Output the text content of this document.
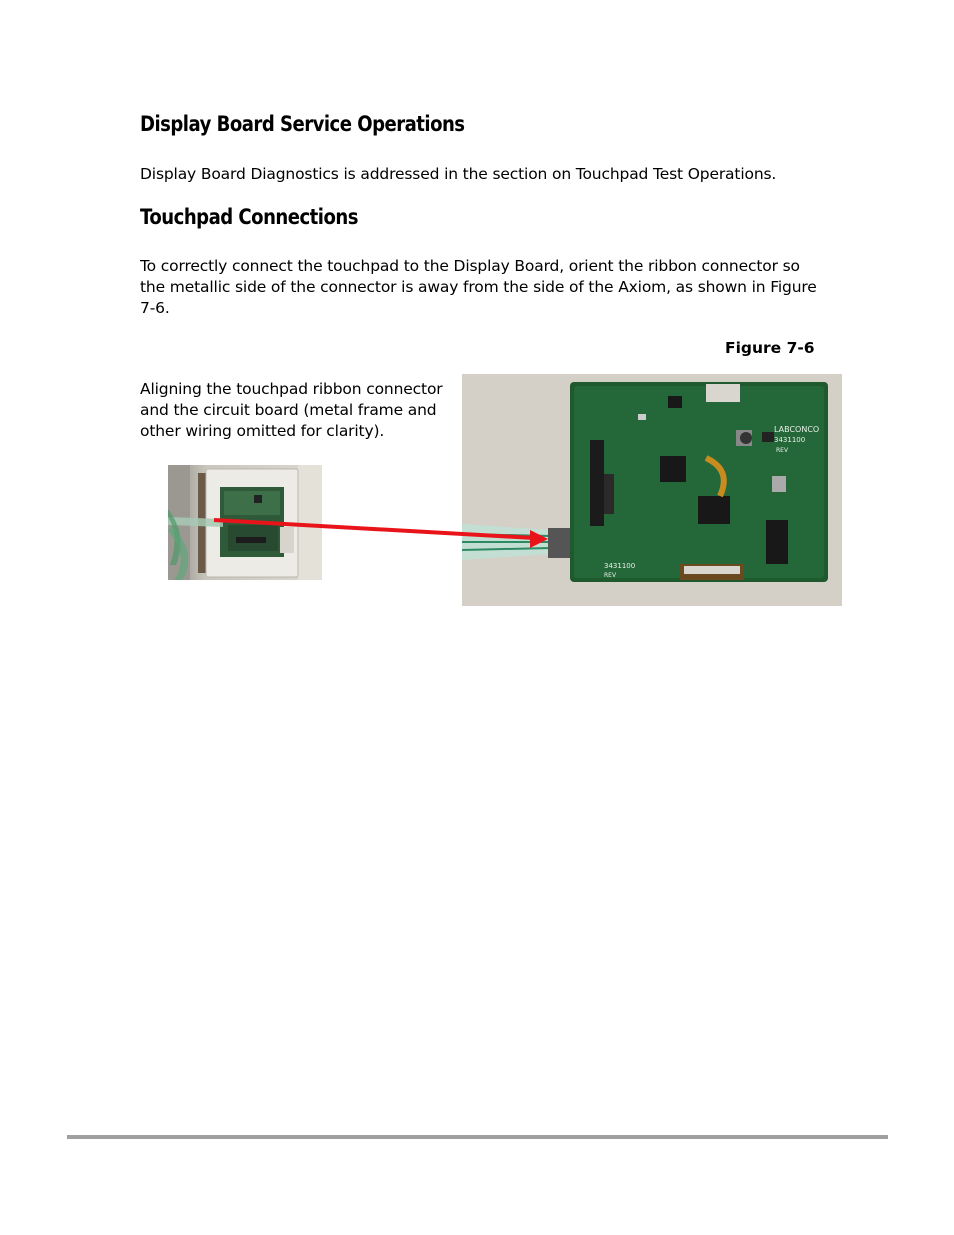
Display Board Service Operations

Display Board Diagnostics is addressed in the section on Touchpad Test Operations.

Touchpad Connections

To correctly connect the touchpad to the Display Board, orient the ribbon connector so the metallic side of the connector is away from the side of the Axiom, as shown in Figure 7-6.

Figure 7-6

Aligning the touchpad ribbon connector and the circuit board (metal frame and other wiring omitted for clarity).	LABCONCO
3431100
REV
3431100
REV
